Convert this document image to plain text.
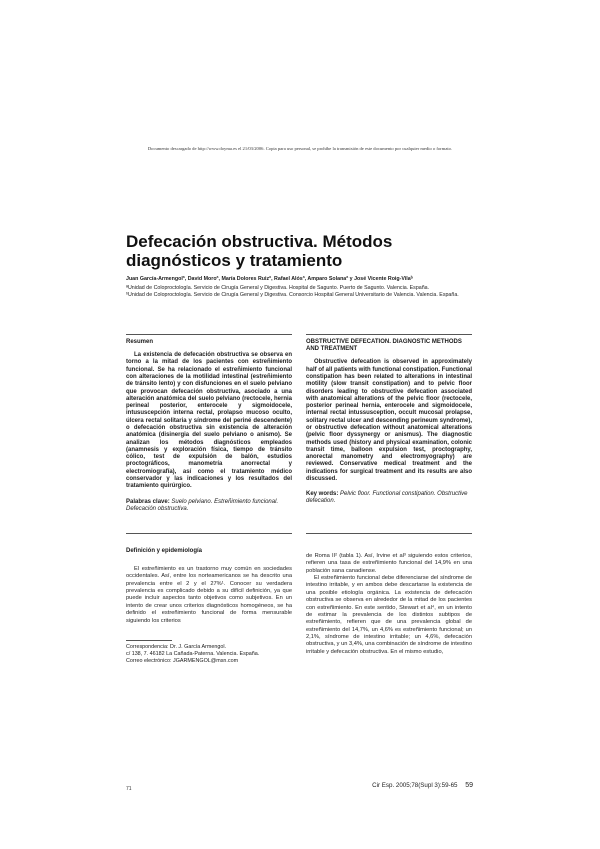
Documento descargado de http://www.doyma.es el 21/03/2006. Copia para uso personal, se prohíbe la transmisión de este documento por cualquier medio o formato.
Defecación obstructiva. Métodos diagnósticos y tratamiento

Juan García-Armengolª, David Moroª, María Dolores Ruizª, Rafael Alósª, Amparo Solanaª y José Vicente Roig-Vilaᵇ

ªUnidad de Coloproctología. Servicio de Cirugía General y Digestiva. Hospital de Sagunto. Puerto de Sagunto. Valencia. España.

ᵇUnidad de Coloproctología. Servicio de Cirugía General y Digestiva. Consorcio Hospital General Universitario de Valencia. Valencia. España.

Resumen

La existencia de defecación obstructiva se observa en torno a la mitad de los pacientes con estreñimiento funcional. Se ha relacionado el estreñimiento funcional con alteraciones de la motilidad intestinal (estreñimiento de tránsito lento) y con disfunciones en el suelo pelviano que provocan defecación obstructiva, asociado a una alteración anatómica del suelo pelviano (rectocele, hernia perineal posterior, enterocele y sigmoidocele, intususcepción interna rectal, prolapso mucoso oculto, úlcera rectal solitaria y síndrome del periné descendente) o defecación obstructiva sin existencia de alteración anatómica (disinergia del suelo pelviano o anismo). Se analizan los métodos diagnósticos empleados (anamnesis y exploración física, tiempo de tránsito cólico, test de expulsión de balón, estudios proctográficos, manometría anorrectal y electromiografía), así como el tratamiento médico conservador y las indicaciones y los resultados del tratamiento quirúrgico.

Palabras clave: Suelo pelviano. Estreñimiento funcional. Defecación obstructiva.

OBSTRUCTIVE DEFECATION. DIAGNOSTIC METHODS AND TREATMENT

Obstructive defecation is observed in approximately half of all patients with functional constipation. Functional constipation has been related to alterations in intestinal motility (slow transit constipation) and to pelvic floor disorders leading to obstructive defecation associated with anatomical alterations of the pelvic floor (rectocele, posterior perineal hernia, enterocele and sigmoidocele, internal rectal intussusception, occult mucosal prolapse, solitary rectal ulcer and descending perineum syndrome), or obstructive defecation without anatomical alterations (pelvic floor dyssynergy or anismus). The diagnostic methods used (history and physical examination, colonic transit time, balloon expulsion test, proctography, anorectal manometry and electromyography) are reviewed. Conservative medical treatment and the indications for surgical treatment and its results are also discussed.

Key words: Pelvic floor. Functional constipation. Obstructive defecation.

Definición y epidemiología

El estreñimiento es un trastorno muy común en sociedades occidentales. Así, entre los norteamericanos se ha descrito una prevalencia entre el 2 y el 27%¹. Conocer su verdadera prevalencia es complicado debido a su difícil definición, ya que puede incluir aspectos tanto objetivos como subjetivos. En un intento de crear unos criterios diagnósticos homogéneos, se ha definido el estreñimiento funcional de forma mensurable siguiendo los criterios

de Roma II² (tabla 1). Así, Irvine et al³ siguiendo estos criterios, refieren una tasa de estreñimiento funcional del 14,9% en una población sana canadiense.

El estreñimiento funcional debe diferenciarse del síndrome de intestino irritable, y en ambos debe descartarse la existencia de una posible etiología orgánica. La existencia de defecación obstructiva se observa en alrededor de la mitad de los pacientes con estreñimiento. En este sentido, Stewart et al⁴, en un intento de estimar la prevalencia de los distintos subtipos de estreñimiento, refieren que de una prevalencia global de estreñimiento del 14,7%, un 4,6% es estreñimiento funcional; un 2,1%, síndrome de intestino irritable; un 4,6%, defecación obstructiva, y un 3,4%, una combinación de síndrome de intestino irritable y defecación obstructiva. En el mismo estudio,

Correspondencia: Dr. J. García Armengol.

c/ 138, 7. 46182 La Cañada-Paterna. Valencia. España.

Correo electrónico: JGARMENGOL@msn.com

71	Cir Esp. 2005;78(Supl 3):59-65 59
